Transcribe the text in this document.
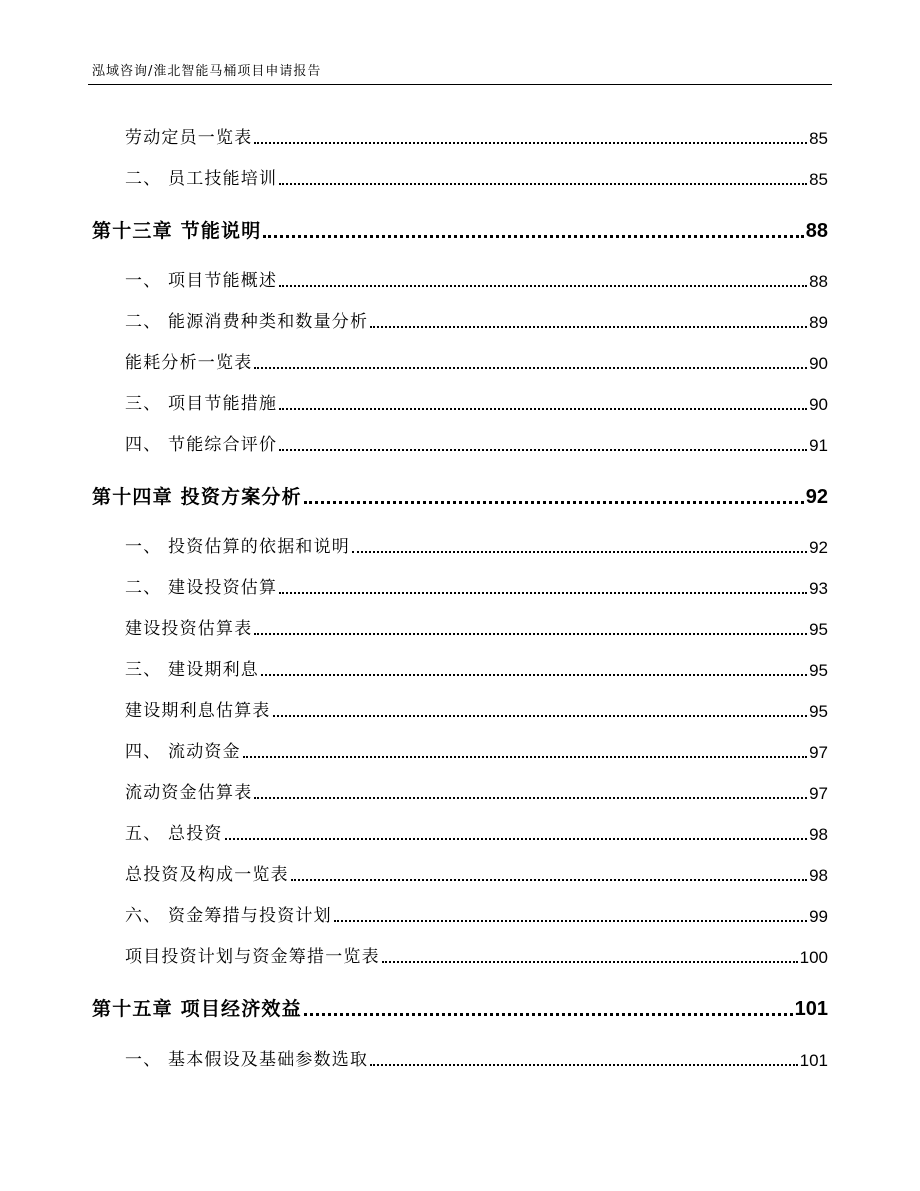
泓域咨询/淮北智能马桶项目申请报告
劳动定员一览表	85
二、 员工技能培训	85
第十三章 节能说明	88
一、 项目节能概述	88
二、 能源消费种类和数量分析	89
能耗分析一览表	90
三、 项目节能措施	90
四、 节能综合评价	91
第十四章 投资方案分析	92
一、 投资估算的依据和说明	92
二、 建设投资估算	93
建设投资估算表	95
三、 建设期利息	95
建设期利息估算表	95
四、 流动资金	97
流动资金估算表	97
五、 总投资	98
总投资及构成一览表	98
六、 资金筹措与投资计划	99
项目投资计划与资金筹措一览表	100
第十五章 项目经济效益	101
一、 基本假设及基础参数选取	101
